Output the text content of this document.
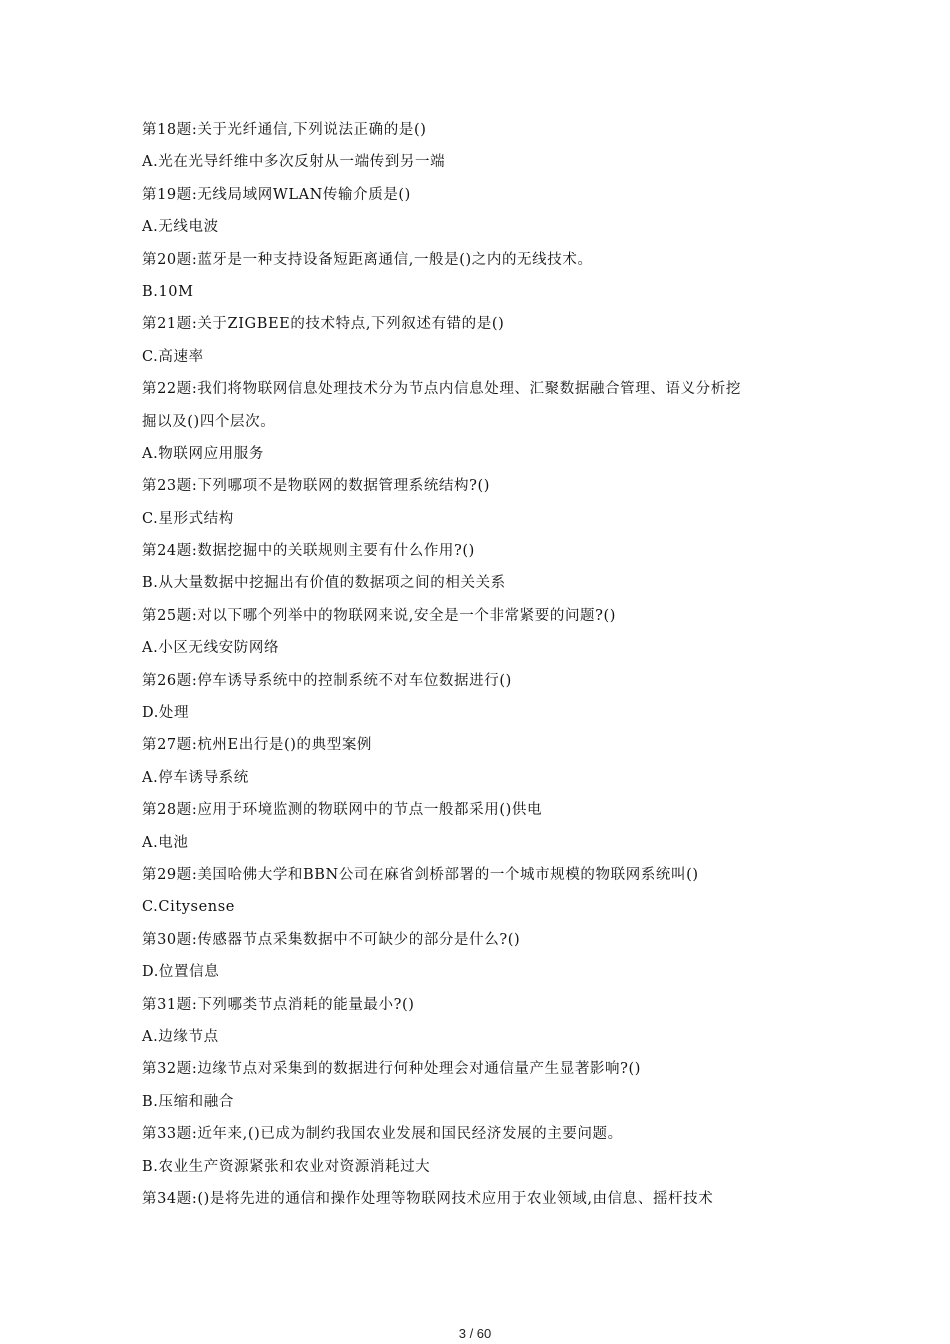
第18题:关于光纤通信,下列说法正确的是()
A.光在光导纤维中多次反射从一端传到另一端
第19题:无线局域网WLAN传输介质是()
A.无线电波
第20题:蓝牙是一种支持设备短距离通信,一般是()之内的无线技术。
B.10M
第21题:关于ZIGBEE的技术特点,下列叙述有错的是()
C.高速率
第22题:我们将物联网信息处理技术分为节点内信息处理、汇聚数据融合管理、语义分析挖
掘以及()四个层次。
A.物联网应用服务
第23题:下列哪项不是物联网的数据管理系统结构?()
C.星形式结构
第24题:数据挖掘中的关联规则主要有什么作用?()
B.从大量数据中挖掘出有价值的数据项之间的相关关系
第25题:对以下哪个列举中的物联网来说,安全是一个非常紧要的问题?()
A.小区无线安防网络
第26题:停车诱导系统中的控制系统不对车位数据进行()
D.处理
第27题:杭州E出行是()的典型案例
A.停车诱导系统
第28题:应用于环境监测的物联网中的节点一般都采用()供电
A.电池
第29题:美国哈佛大学和BBN公司在麻省剑桥部署的一个城市规模的物联网系统叫()
C.Citysense
第30题:传感器节点采集数据中不可缺少的部分是什么?()
D.位置信息
第31题:下列哪类节点消耗的能量最小?()
A.边缘节点
第32题:边缘节点对采集到的数据进行何种处理会对通信量产生显著影响?()
B.压缩和融合
第33题:近年来,()已成为制约我国农业发展和国民经济发展的主要问题。
B.农业生产资源紧张和农业对资源消耗过大
第34题:()是将先进的通信和操作处理等物联网技术应用于农业领域,由信息、摇杆技术
3 / 60
